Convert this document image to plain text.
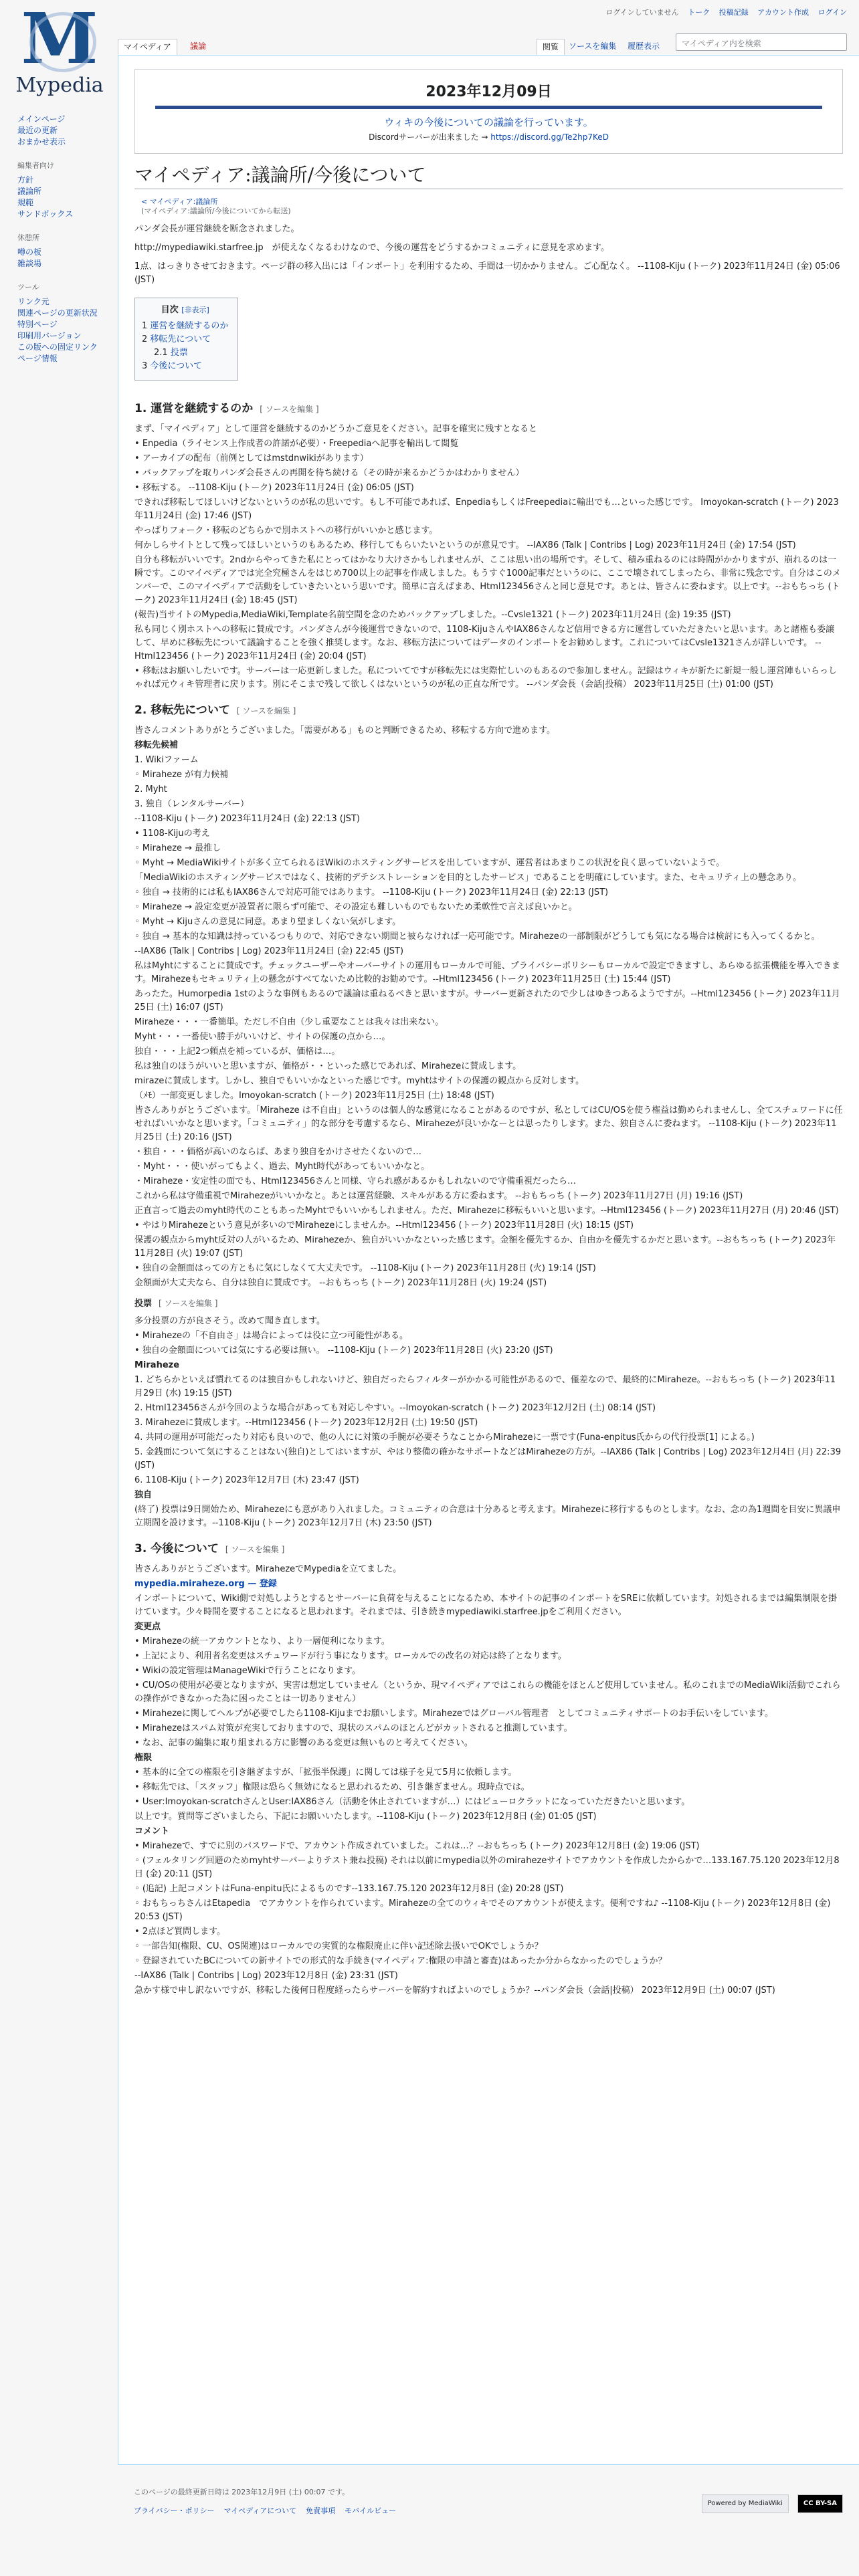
M
Mypedia
ログインしていません トーク 投稿記録 アカウント作成 ログイン
マイペディア	議論	閲覧	ソースを編集	履歴表示	マイペディア内を検索
メインページ
最近の更新
おまかせ表示
編集者向け
方針
議論所
規範
サンドボックス
休憩所
噂の板
雑談場
ツール
リンク元
関連ページの更新状況
特別ページ
印刷用バージョン
この版への固定リンク
ページ情報
2023年12月09日
ウィキの今後についての議論を行っています。
Discordサーバーが出来ました → https://discord.gg/Te2hp7KeD
マイペディア:議論所/今後について
< マイペディア:議論所
(マイペディア:議論所/今後についてから転送)

パンダ会長が運営継続を断念されました。

http://mypediawiki.starfree.jp　が使えなくなるわけなので、今後の運営をどうするかコミュニティに意見を求めます。

1点、はっきりさせておきます。ページ群の移入出には「インポート」を利用するため、手間は一切かかりません。ご心配なく。 --1108-Kiju (トーク) 2023年11月24日 (金) 05:06 (JST)

目次 [非表示]
1 運営を継続するのか
2 移転先について
2.1 投票
3 今後について
1. 運営を継続するのか [ ソースを編集 ]
まず、「マイペディア」として運営を継続するのかどうかご意見をください。記事を確実に残すとなると
• Enpedia（ライセンス上作成者の許諾が必要）・Freepediaへ記事を輸出して閲覧
• アーカイブの配布（前例としてはmstdnwikiがあります）
• バックアップを取りパンダ会長さんの再開を待ち続ける（その時が来るかどうかはわかりません）
• 移転する。 --1108-Kiju (トーク) 2023年11月24日 (金) 06:05 (JST)
できれば移転してほしいけどないというのが私の思いです。もし不可能であれば、EnpediaもしくはFreepediaに輸出でも…といった感じです。 Imoyokan-scratch (トーク) 2023年11月24日 (金) 17:46 (JST)
やっぱりフォーク・移転のどちらかで別ホストへの移行がいいかと感じます。
何かしらサイトとして残ってほしいというのもあるため、移行してもらいたいというのが意見です。 --IAX86 (Talk | Contribs | Log) 2023年11月24日 (金) 17:54 (JST)
自分も移転がいいです。2ndからやってきた私にとってはかなり大けさかもしれませんが、ここは思い出の場所です。そして、積み重ねるのには時間がかかりますが、崩れるのは一瞬です。このマイペディアでは完全究極さんをはじめ700以上の記事を作成しました。もうすぐ1000記事だというのに、ここで壊されてしまったら、非常に残念です。自分はこのメンバーで、このマイペディアで活動をしていきたいという思いです。簡単に言えばまあ、Html123456さんと同じ意見です。あとは、皆さんに委ねます。以上です。--おもちっち (トーク) 2023年11月24日 (金) 18:45 (JST)
(報告)当サイトのMypedia,MediaWiki,Template名前空間を念のためバックアップしました。--Cvsle1321 (トーク) 2023年11月24日 (金) 19:35 (JST)
私も同じく別ホストへの移転に賛成です。パンダさんが今後運営できないので、1108-KijuさんやIAX86さんなど信用できる方に運営していただきたいと思います。あと諸権も委譲して、早めに移転先について議論することを強く推奨します。なお、移転方法についてはデータのインポートをお勧めします。これについてはCvsle1321さんが詳しいです。 --Html123456 (トーク) 2023年11月24日 (金) 20:04 (JST)
• 移転はお願いしたいです。サーバーは一応更新しました。私についてですが移転先には実際忙しいのもあるので参加しません。記録はウィキが新たに新規一般し運営陣もいらっしゃれば元ウィキ管理者に戻ります。別にそこまで残して欲しくはないというのが私の正直な所です。 --パンダ会長（会話|投稿） 2023年11月25日 (土) 01:00 (JST)
2. 移転先について [ ソースを編集 ]
皆さんコメントありがとうございました。「需要がある」ものと判断できるため、移転する方向で進めます。
移転先候補
1. Wikiファーム
◦ Miraheze が有力候補
2. Myht
3. 独自（レンタルサーバー）
--1108-Kiju (トーク) 2023年11月24日 (金) 22:13 (JST)
• 1108-Kijuの考え
◦ Miraheze → 最推し
◦ Myht → MediaWikiサイトが多く立てられるほWikiのホスティングサービスを出していますが、運営者はあまりこの状況を良く思っていないようで。
「MediaWikiのホスティングサービスではなく、技術的デテシストレーションを目的としたサービス」であることを明確にしています。また、セキュリティ上の懸念あり。
◦ 独自 → 技術的には私もIAX86さんで対応可能ではあります。 --1108-Kiju (トーク) 2023年11月24日 (金) 22:13 (JST)
◦ Miraheze → 設定変更が設置者に限らず可能で、その設定も難しいものでもないため柔軟性で言えば良いかと。
◦ Myht → Kijuさんの意見に同意。あまり望ましくない気がします。
◦ 独自 → 基本的な知識は持っているつもりので、対応できない期間と被らなければ一応可能です。Mirahezeの一部制限がどうしても気になる場合は検討にも入ってくるかと。
--IAX86 (Talk | Contribs | Log) 2023年11月24日 (金) 22:45 (JST)
私はMyhtにすることに賛成です。チェックユーザーやオーバーサイトの運用もローカルで可能、プライバシーポリシーもローカルで設定できますし、あらゆる拡張機能を導入できます。Mirahezeもセキュリティ上の懸念がすべてないため比較的お勧めです。--Html123456 (トーク) 2023年11月25日 (土) 15:44 (JST)
あったた。Humorpedia 1stのような事例もあるので議論は重ねるべきと思いますが。サーバー更新されたので少しはゆきつあるようですが。--Html123456 (トーク) 2023年11月25日 (土) 16:07 (JST)
Miraheze・・・一番簡単。ただし不自由（少し重要なことは我々は出来ない。
Myht・・・一番使い勝手がいいけど、サイトの保護の点から…。
独自・・・上記2つ頼点を補っているが、価格は…。
私は独自のほうがいいと思いますが、価格が・・といった感じであれば、Mirahezeに賛成します。
mirazeに賛成します。しかし、独自でもいいかなといった感じです。myhtはサイトの保護の観点から反対します。
（ﾒﾓ）一部変更しました。Imoyokan-scratch (トーク) 2023年11月25日 (土) 18:48 (JST)
皆さんありがとうございます。「Miraheze は不自由」というのは個人的な感覚になることがあるのですが、私としてはCU/OSを使う権益は勤められませんし、全てスチュワードに任せればいいかなと思います。「コミュニティ」的な部分を考慮するなら、Mirahezeが良いかなーとは思ったりします。また、独自さんに委ねます。 --1108-Kiju (トーク) 2023年11月25日 (土) 20:16 (JST)
・独自・・・価格が高いのならば、あまり独自をかけさせたくないので…
・Myht・・・使いがってもよく、過去、Myht時代があってもいいかなと。
・Miraheze・安定性の面でも、Html123456さんと同様、守られ感があるかもしれないので守備重視だったら…
これから私は守備重視でMirahezeがいいかなと。あとは運営経験、スキルがある方に委ねます。 --おもちっち (トーク) 2023年11月27日 (月) 19:16 (JST)
正直言って過去のmyht時代のこともあったMyhtでもいいかもしれません。ただ、Mirahezeに移転もいいと思います。--Html123456 (トーク) 2023年11月27日 (月) 20:46 (JST)
• やはりMirahezeという意見が多いのでMirahezeにしませんか。--Html123456 (トーク) 2023年11月28日 (火) 18:15 (JST)
保護の観点からmyht反対の人がいるため、Mirahezeか、独自がいいかなといった感じます。金額を優先するか、自由かを優先するかだと思います。--おもちっち (トーク) 2023年11月28日 (火) 19:07 (JST)
• 独自の金額面はっての方ともに気にしなくて大丈夫です。 --1108-Kiju (トーク) 2023年11月28日 (火) 19:14 (JST)
金額面が大丈夫なら、自分は独自に賛成です。 --おもちっち (トーク) 2023年11月28日 (火) 19:24 (JST)
投票 [ ソースを編集 ]
多分投票の方が良さそう。改めて聞き直します。
• Mirahezeの「不自由さ」は場合によっては役に立つ可能性がある。
• 独自の金額面については気にする必要は無い。 --1108-Kiju (トーク) 2023年11月28日 (火) 23:20 (JST)
Miraheze
1. どちらかといえば慣れてるのは独自かもしれないけど、独自だったらフィルターがかかる可能性があるので、僅差なので、最終的にMiraheze。--おもちっち (トーク) 2023年11月29日 (水) 19:15 (JST)
2. Html123456さんが今回のような場合があっても対応しやすい。--Imoyokan-scratch (トーク) 2023年12月2日 (土) 08:14 (JST)
3. Mirahezeに賛成します。--Html123456 (トーク) 2023年12月2日 (土) 19:50 (JST)
4. 共同の運用が可能だったり対応も良いので、他の人にに対策の手腕が必要そうなことからMirahezeに一票です(Funa-enpitus氏からの代行投票[1] による。)
5. 金銭面について気にすることはない(独自)としてはいますが、やはり整備の確かなサポートなどはMirahezeの方が。--IAX86 (Talk | Contribs | Log) 2023年12月4日 (月) 22:39 (JST)
6. 1108-Kiju (トーク) 2023年12月7日 (木) 23:47 (JST)
独自
(終了) 投票は9日開始ため、Mirahezeにも意があり入れました。コミュニティの合意は十分あると考えます。Mirahezeに移行するものとします。なお、念の為1週間を目安に異議申立期間を設けます。--1108-Kiju (トーク) 2023年12月7日 (木) 23:50 (JST)
3. 今後について [ ソースを編集 ]
皆さんありがとうございます。MirahezeでMypediaを立てました。
mypedia.miraheze.org — 登録
インポートについて、Wiki側で対処しようとするとサーバーに負荷を与えることになるため、本サイトの記事のインポートをSREに依頼しています。対処されるまでは編集制限を掛けています。少々時間を要することになると思われます。それまでは、引き続きmypediawiki.starfree.jpをご利用ください。
変更点
• Mirahezeの統一アカウントとなり、より一層便利になります。
• 上記により、利用者名変更はスチュワードが行う事になります。ローカルでの改名の対応は終了となります。
• Wikiの設定管理はManageWikiで行うことになります。
• CU/OSの使用が必要となりますが、実害は想定していません（というか、現マイペディアではこれらの機能をほとんど使用していません。私のこれまでのMediaWiki活動でこれらの操作ができなかった為に困ったことは一切ありません）
• Mirahezeに関してヘルプが必要でしたら1108-Kijuまでお願いします。Mirahezeではグローバル管理者　としてコミュニティサポートのお手伝いをしています。
• Mirahezeはスパム対策が充実しておりますので、現状のスパムのほとんどがカットされると推測しています。
• なお、記事の編集に取り組まれる方に影響のある変更は無いものと考えてください。
権限
• 基本的に全ての権限を引き継ぎますが、「拡張半保護」に関しては様子を見て5月に依頼します。
• 移転先では、「スタッフ」権限は恐らく無効になると思われるため、引き継ぎません。現時点では。
• User:Imoyokan-scratchさんとUser:IAX86さん（活動を休止されていますが…）にはビューロクラットになっていただきたいと思います。
以上です。質問等ございましたら、下記にお願いいたします。--1108-Kiju (トーク) 2023年12月8日 (金) 01:05 (JST)
コメント
• Mirahezeで、すでに別のパスワードで、アカウント作成されていました。これは…？--おもちっち (トーク) 2023年12月8日 (金) 19:06 (JST)
◦ (フェルタリング回避のためmyhtサーバーよりテスト兼ね投稿) それは以前にmypedia以外のmirahezeサイトでアカウントを作成したからかで…133.167.75.120 2023年12月8日 (金) 20:11 (JST)
◦ (追記) 上記コメントはFuna-enpitu氏によるものです--133.167.75.120 2023年12月8日 (金) 20:28 (JST)
◦ おもちっちさんはEtapedia　でアカウントを作られています。Mirahezeの全てのウィキでそのアカウントが使えます。便利ですね♪ --1108-Kiju (トーク) 2023年12月8日 (金) 20:53 (JST)
• 2点ほど質問します。
◦ 一部告知(権限、CU、OS関連)はローカルでの実質的な権限廃止に伴い記述除去扱いでOKでしょうか？
◦ 登録されていたBCについての新サイトでの形式的な手続き(マイペディア:権限の申請と審査)はあったか分からなかったのでしょうか？
--IAX86 (Talk | Contribs | Log) 2023年12月8日 (金) 23:31 (JST)
急かす様で申し訳ないですが、移転した後何日程度経ったらサーバーを解約すればよいのでしょうか？--パンダ会長（会話|投稿） 2023年12月9日 (土) 00:07 (JST)
このページの最終更新日時は 2023年12月9日 (土) 00:07 です。
プライバシー・ポリシー マイペディアについて 免責事項 モバイルビュー
Powered by MediaWiki	CC BY-SA
